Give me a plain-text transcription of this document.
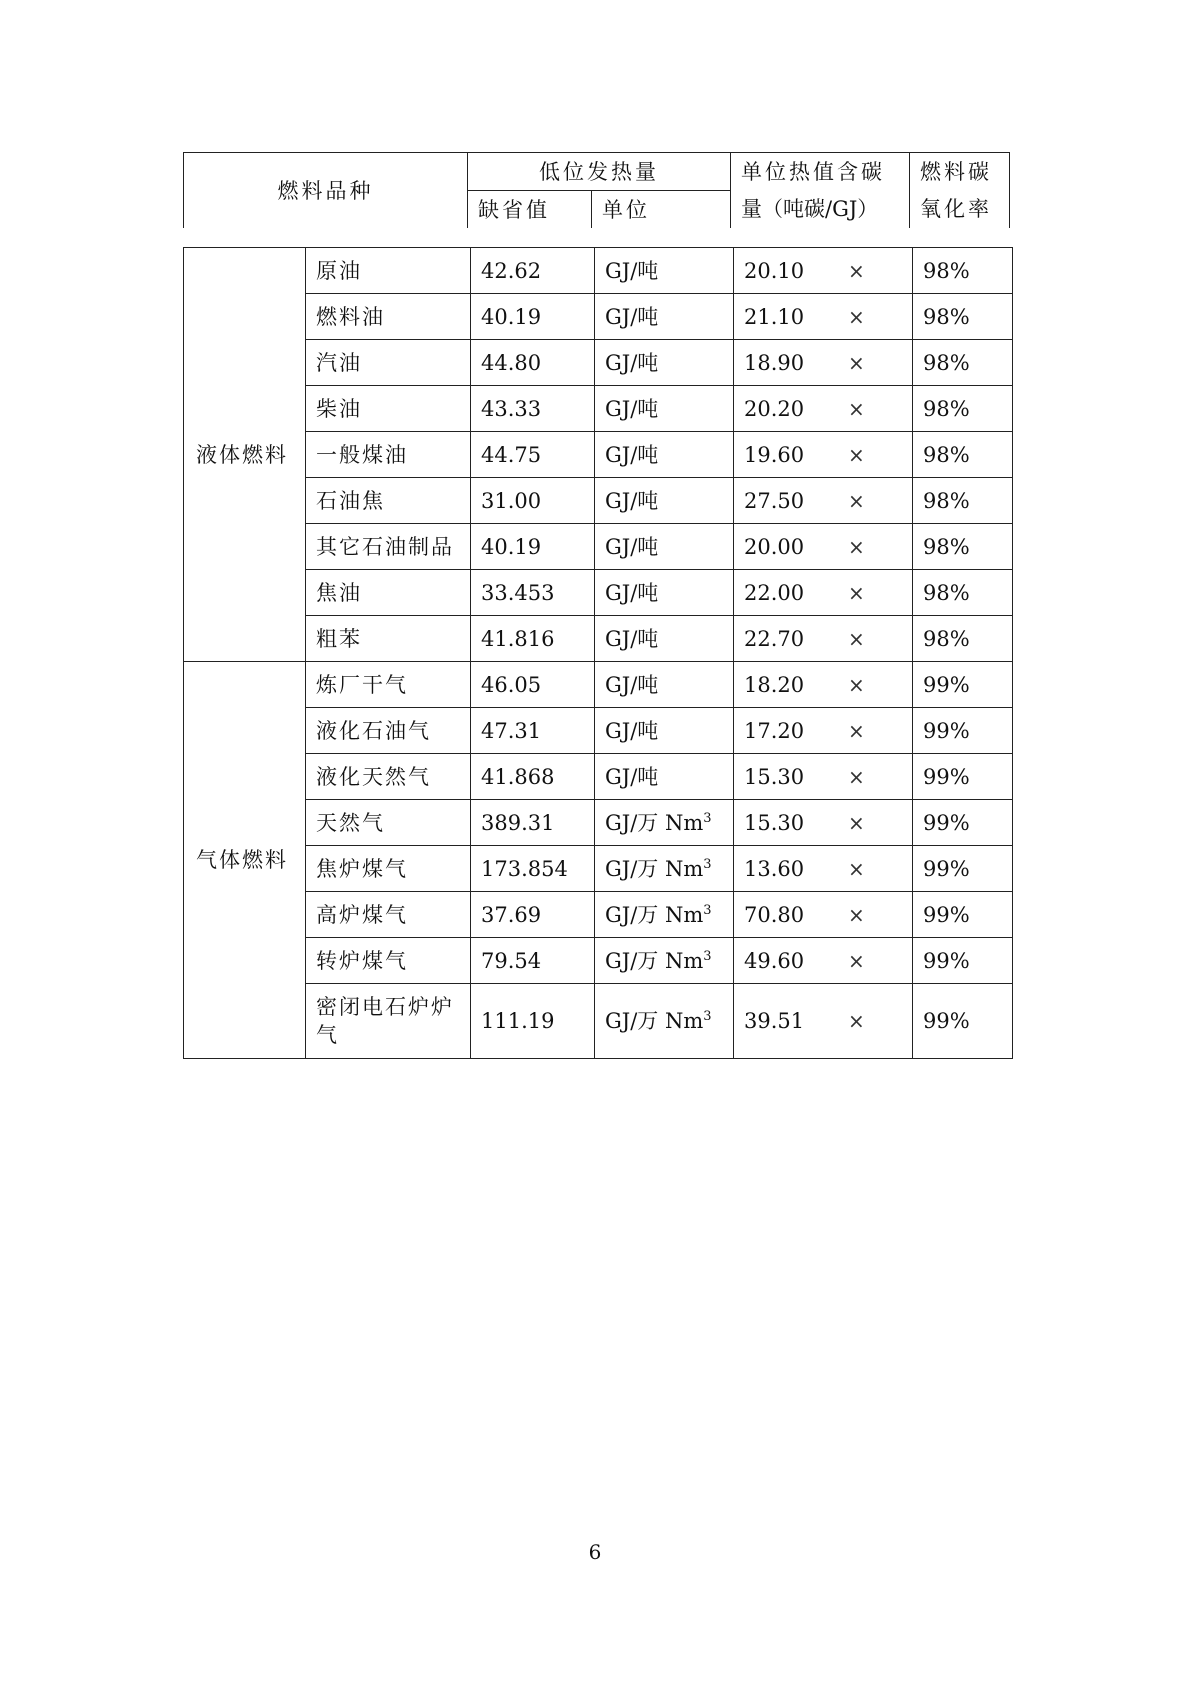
燃料品种	低位发热量		单位热值含碳	燃料碳
	缺省值	单位	量（吨碳/GJ）	氧化率
液体燃料	原油	42.62	GJ/吨	20.10 ×	98%
	燃料油	40.19	GJ/吨	21.10 ×	98%
	汽油	44.80	GJ/吨	18.90 ×	98%
	柴油	43.33	GJ/吨	20.20 ×	98%
	一般煤油	44.75	GJ/吨	19.60 ×	98%
	石油焦	31.00	GJ/吨	27.50 ×	98%
	其它石油制品	40.19	GJ/吨	20.00 ×	98%
	焦油	33.453	GJ/吨	22.00 ×	98%
	粗苯	41.816	GJ/吨	22.70 ×	98%
气体燃料	炼厂干气	46.05	GJ/吨	18.20 ×	99%
	液化石油气	47.31	GJ/吨	17.20 ×	99%
	液化天然气	41.868	GJ/吨	15.30 ×	99%
	天然气	389.31	GJ/万 Nm$^3$	15.30 ×	99%
	焦炉煤气	173.854	GJ/万 Nm$^3$	13.60 ×	99%
	高炉煤气	37.69	GJ/万 Nm$^3$	70.80 ×	99%
	转炉煤气	79.54	GJ/万 Nm$^3$	49.60 ×	99%
	密闭电石炉炉气	111.19	GJ/万 Nm$^3$	39.51 ×	99%
6
